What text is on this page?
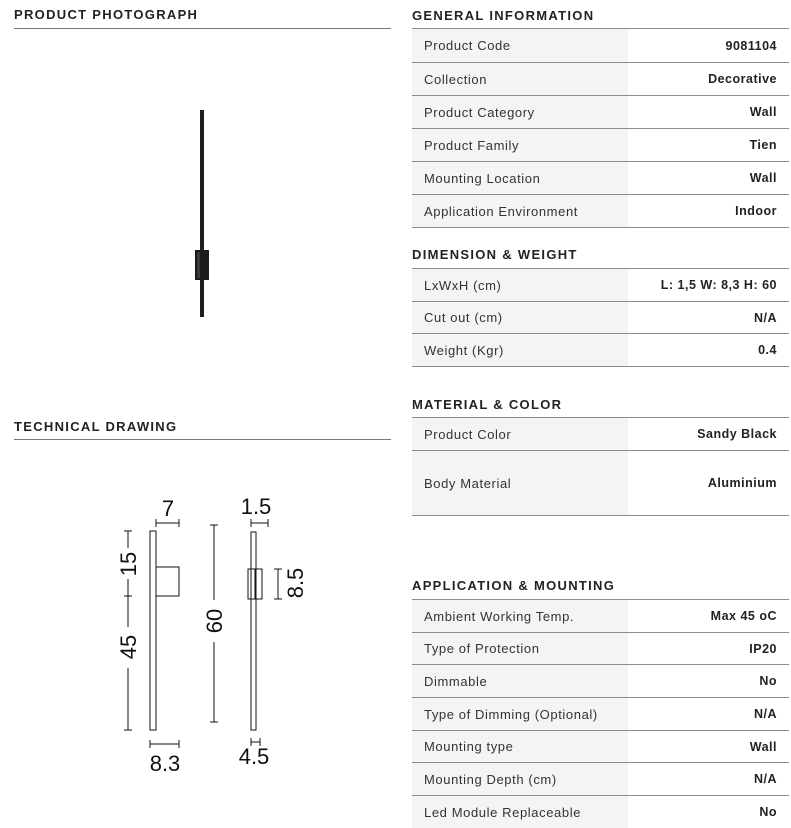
PRODUCT PHOTOGRAPH
TECHNICAL DRAWING
GENERAL INFORMATION
DIMENSION & WEIGHT
MATERIAL & COLOR
APPLICATION & MOUNTING
7
15
45
8.3
60
1.5
8.5
4.5
Product Code	9081104
Collection	Decorative
Product Category	Wall
Product Family	Tien
Mounting Location	Wall
Application Environment	Indoor
LxWxH (cm)	L: 1,5 W: 8,3 H: 60
Cut out (cm)	N/A
Weight (Kgr)	0.4
Product Color	Sandy Black
Body Material	Aluminium
Ambient Working Temp.	Max 45 oC
Type of Protection	IP20
Dimmable	No
Type of Dimming (Optional)	N/A
Mounting type	Wall
Mounting Depth (cm)	N/A
Led Module Replaceable	No
